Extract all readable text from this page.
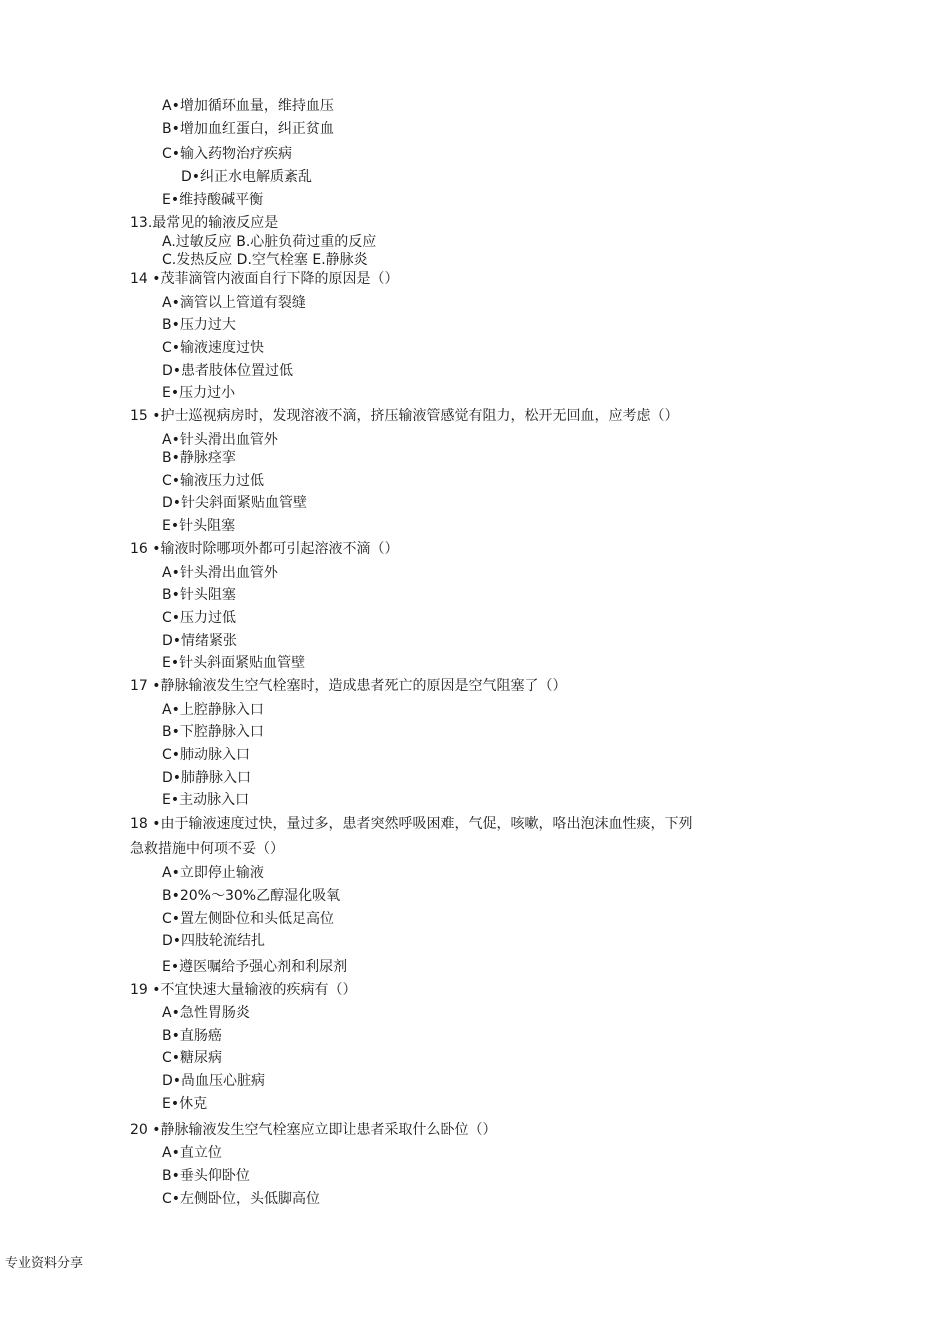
A•增加循环血量，维持血压
B•增加血红蛋白，纠正贫血
C•输入药物治疗疾病
D•纠正水电解质紊乱
E•维持酸碱平衡
13.最常见的输液反应是
A.过敏反应 B.心脏负荷过重的反应
C.发热反应 D.空气栓塞 E.静脉炎
14 •茂菲滴管内液面自行下降的原因是（）
A•滴管以上管道有裂缝
B•压力过大
C•输液速度过快
D•患者肢体位置过低
E•压力过小
15 •护士巡视病房时，发现溶液不滴，挤压输液管感觉有阻力，松开无回血，应考虑（）
A•针头滑出血管外
B•静脉痉挛
C•输液压力过低
D•针尖斜面紧贴血管壁
E•针头阻塞
16 •输液时除哪项外都可引起溶液不滴（）
A•针头滑出血管外
B•针头阻塞
C•压力过低
D•情绪紧张
E•针头斜面紧贴血管壁
17 •静脉输液发生空气栓塞时，造成患者死亡的原因是空气阻塞了（）
A•上腔静脉入口
B•下腔静脉入口
C•肺动脉入口
D•肺静脉入口
E•主动脉入口
18 •由于输液速度过快，量过多，患者突然呼吸困难，气促，咳嗽，咯出泡沫血性痰，下列
急救措施中何项不妥（）
A•立即停止输液
B•20%〜30%乙醇湿化吸氧
C•置左侧卧位和头低足高位
D•四肢轮流结扎
E•遵医嘱给予强心剂和利尿剂
19 •不宜快速大量输液的疾病有（）
A•急性胃肠炎
B•直肠癌
C•糖尿病
D•咼血压心脏病
E•休克
20 •静脉输液发生空气栓塞应立即让患者采取什么卧位（）
A•直立位
B•垂头仰卧位
C•左侧卧位，头低脚高位
专业资料分享
